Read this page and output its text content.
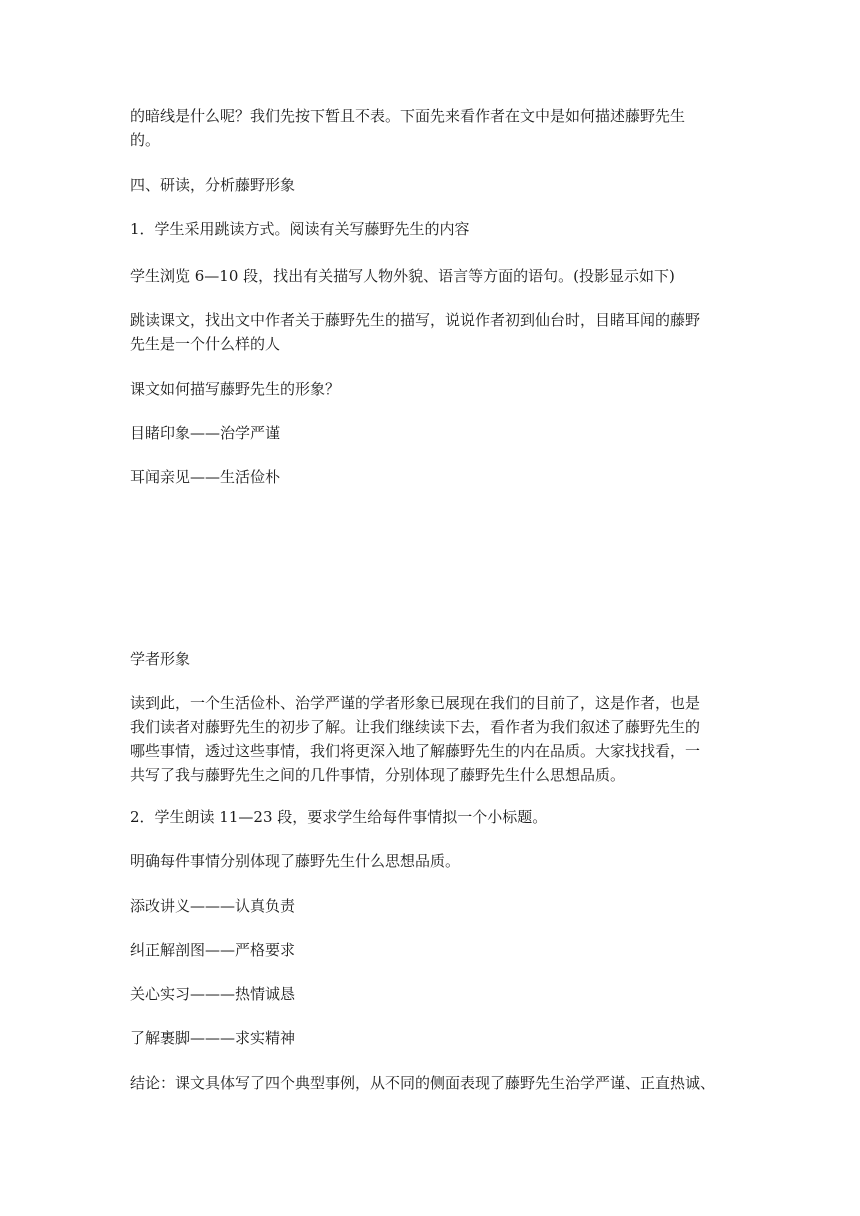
的暗线是什么呢？我们先按下暂且不表。下面先来看作者在文中是如何描述藤野先生
的。

四、研读，分析藤野形象

1．学生采用跳读方式。阅读有关写藤野先生的内容

学生浏览 6—10 段，找出有关描写人物外貌、语言等方面的语句。(投影显示如下)

跳读课文，找出文中作者关于藤野先生的描写，说说作者初到仙台时，目睹耳闻的藤野
先生是一个什么样的人

课文如何描写藤野先生的形象？

目睹印象——治学严谨

耳闻亲见——生活俭朴

学者形象

读到此，一个生活俭朴、治学严谨的学者形象已展现在我们的目前了，这是作者，也是
我们读者对藤野先生的初步了解。让我们继续读下去，看作者为我们叙述了藤野先生的
哪些事情，透过这些事情，我们将更深入地了解藤野先生的内在品质。大家找找看，一
共写了我与藤野先生之间的几件事情，分别体现了藤野先生什么思想品质。

2．学生朗读 11—23 段，要求学生给每件事情拟一个小标题。

明确每件事情分别体现了藤野先生什么思想品质。

添改讲义———认真负责

纠正解剖图——严格要求

关心实习———热情诚恳

了解裹脚———求实精神

结论：课文具体写了四个典型事例，从不同的侧面表现了藤野先生治学严谨、正直热诚、
